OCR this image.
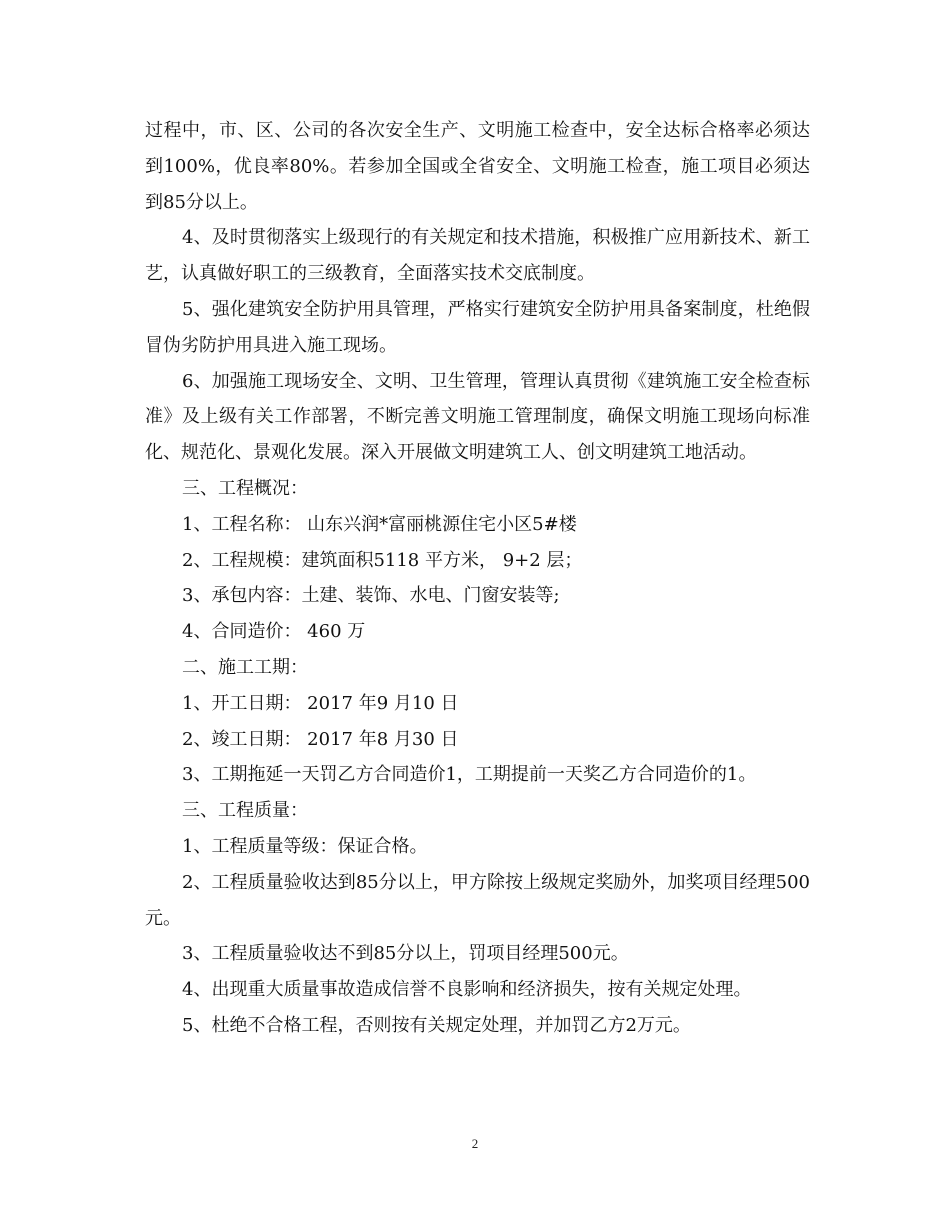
过程中，市、区、公司的各次安全生产、文明施工检查中，安全达标合格率必须达到100%，优良率80%。若参加全国或全省安全、文明施工检查，施工项目必须达到85分以上。

4、及时贯彻落实上级现行的有关规定和技术措施，积极推广应用新技术、新工艺，认真做好职工的三级教育，全面落实技术交底制度。

5、强化建筑安全防护用具管理，严格实行建筑安全防护用具备案制度，杜绝假冒伪劣防护用具进入施工现场。

6、加强施工现场安全、文明、卫生管理，管理认真贯彻《建筑施工安全检查标准》及上级有关工作部署，不断完善文明施工管理制度，确保文明施工现场向标准化、规范化、景观化发展。深入开展做文明建筑工人、创文明建筑工地活动。

三、工程概况：

1、工程名称： 山东兴润*富丽桃源住宅小区5#楼

2、工程规模：建筑面积5118 平方米， 9+2 层；

3、承包内容：土建、装饰、水电、门窗安装等;

4、合同造价： 460 万

二、施工工期：

1、开工日期： 2017 年9 月10 日

2、竣工日期： 2017 年8 月30 日

3、工期拖延一天罚乙方合同造价1，工期提前一天奖乙方合同造价的1。

三、工程质量：

1、工程质量等级：保证合格。

2、工程质量验收达到85分以上，甲方除按上级规定奖励外，加奖项目经理500元。

3、工程质量验收达不到85分以上，罚项目经理500元。

4、出现重大质量事故造成信誉不良影响和经济损失，按有关规定处理。

5、杜绝不合格工程，否则按有关规定处理，并加罚乙方2万元。

2
